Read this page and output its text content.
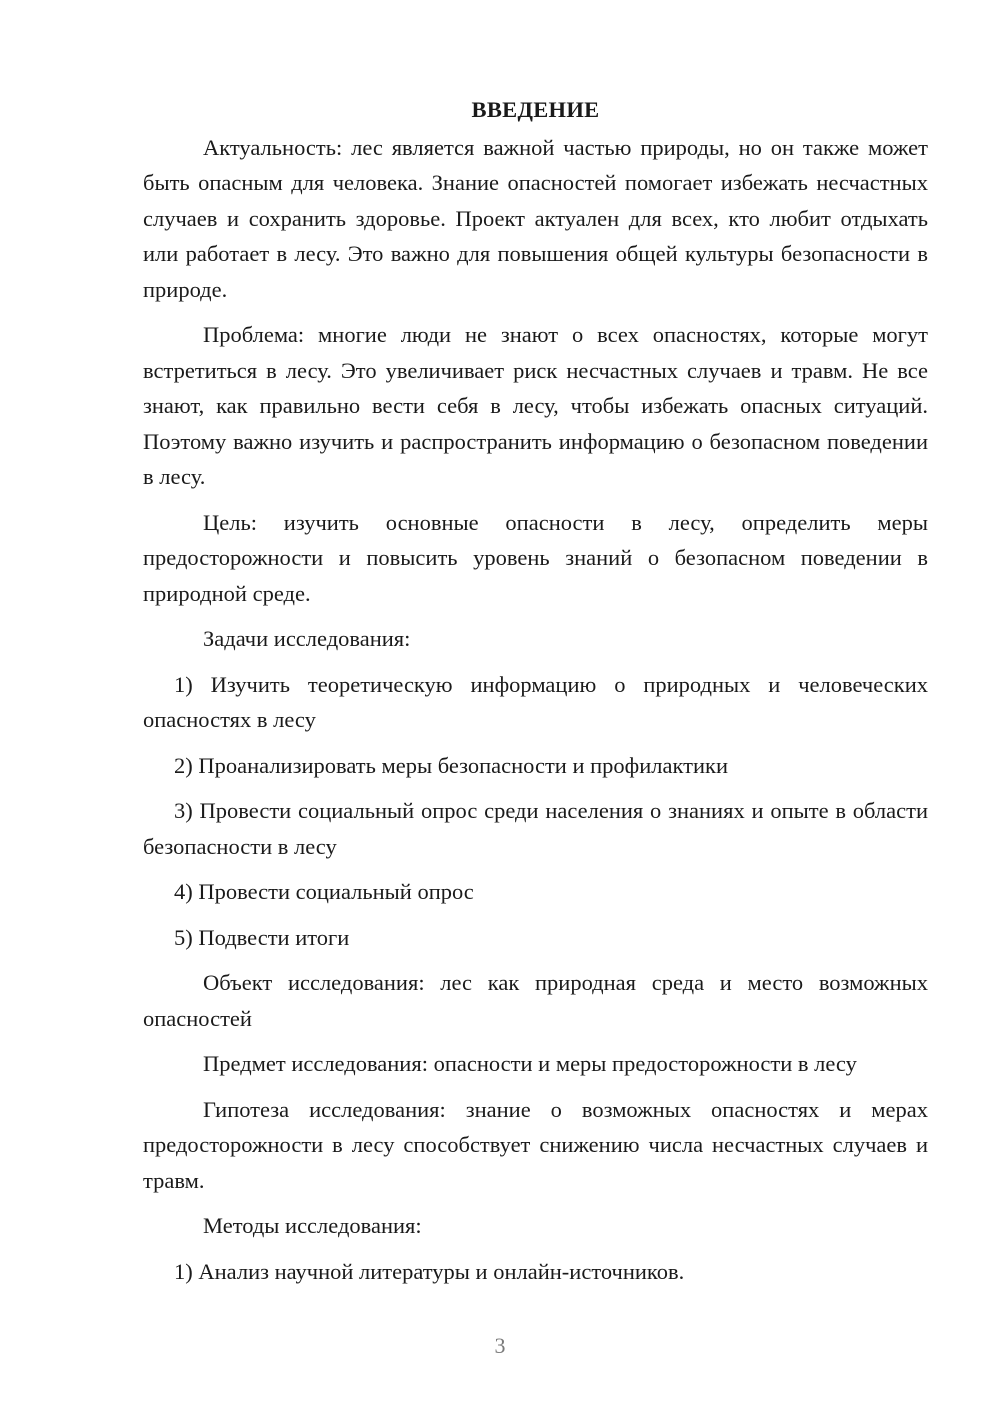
ВВЕДЕНИЕ

Актуальность: лес является важной частью природы, но он также может быть опасным для человека. Знание опасностей помогает избежать несчастных случаев и сохранить здоровье. Проект актуален для всех, кто любит отдыхать или работает в лесу. Это важно для повышения общей культуры безопасности в природе.

Проблема: многие люди не знают о всех опасностях, которые могут встретиться в лесу. Это увеличивает риск несчастных случаев и травм. Не все знают, как правильно вести себя в лесу, чтобы избежать опасных ситуаций. Поэтому важно изучить и распространить информацию о безопасном поведении в лесу.

Цель: изучить основные опасности в лесу, определить меры предосторожности и повысить уровень знаний о безопасном поведении в природной среде.

Задачи исследования:

1) Изучить теоретическую информацию о природных и человеческих опасностях в лесу

2) Проанализировать меры безопасности и профилактики

3) Провести социальный опрос среди населения о знаниях и опыте в области безопасности в лесу

4) Провести социальный опрос

5) Подвести итоги

Объект исследования: лес как природная среда и место возможных опасностей

Предмет исследования: опасности и меры предосторожности в лесу

Гипотеза исследования: знание о возможных опасностях и мерах предосторожности в лесу способствует снижению числа несчастных случаев и травм.

Методы исследования:

1) Анализ научной литературы и онлайн-источников.

3
